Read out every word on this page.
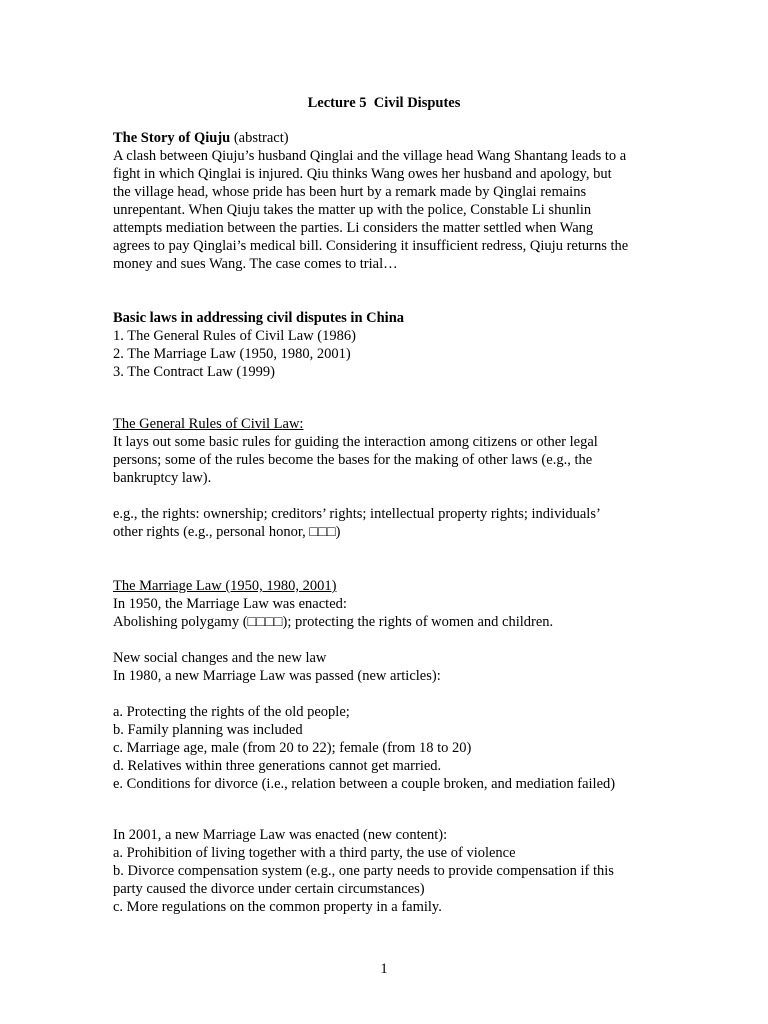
Lecture 5  Civil Disputes
The Story of Qiuju (abstract)
A clash between Qiuju’s husband Qinglai and the village head Wang Shantang leads to a
fight in which Qinglai is injured. Qiu thinks Wang owes her husband and apology, but
the village head, whose pride has been hurt by a remark made by Qinglai remains
unrepentant. When Qiuju takes the matter up with the police, Constable Li shunlin
attempts mediation between the parties. Li considers the matter settled when Wang
agrees to pay Qinglai’s medical bill. Considering it insufficient redress, Qiuju returns the
money and sues Wang. The case comes to trial…
Basic laws in addressing civil disputes in China
1. The General Rules of Civil Law (1986)
2. The Marriage Law (1950, 1980, 2001)
3. The Contract Law (1999)
The General Rules of Civil Law:
It lays out some basic rules for guiding the interaction among citizens or other legal
persons; some of the rules become the bases for the making of other laws (e.g., the
bankruptcy law).
e.g., the rights: ownership; creditors’ rights; intellectual property rights; individuals’
other rights (e.g., personal honor, □□□)
The Marriage Law (1950, 1980, 2001)
In 1950, the Marriage Law was enacted:
Abolishing polygamy (□□□□); protecting the rights of women and children.
New social changes and the new law
In 1980, a new Marriage Law was passed (new articles):
a. Protecting the rights of the old people;
b. Family planning was included
c. Marriage age, male (from 20 to 22); female (from 18 to 20)
d. Relatives within three generations cannot get married.
e. Conditions for divorce (i.e., relation between a couple broken, and mediation failed)
In 2001, a new Marriage Law was enacted (new content):
a. Prohibition of living together with a third party, the use of violence
b. Divorce compensation system (e.g., one party needs to provide compensation if this
party caused the divorce under certain circumstances)
c. More regulations on the common property in a family.
1
